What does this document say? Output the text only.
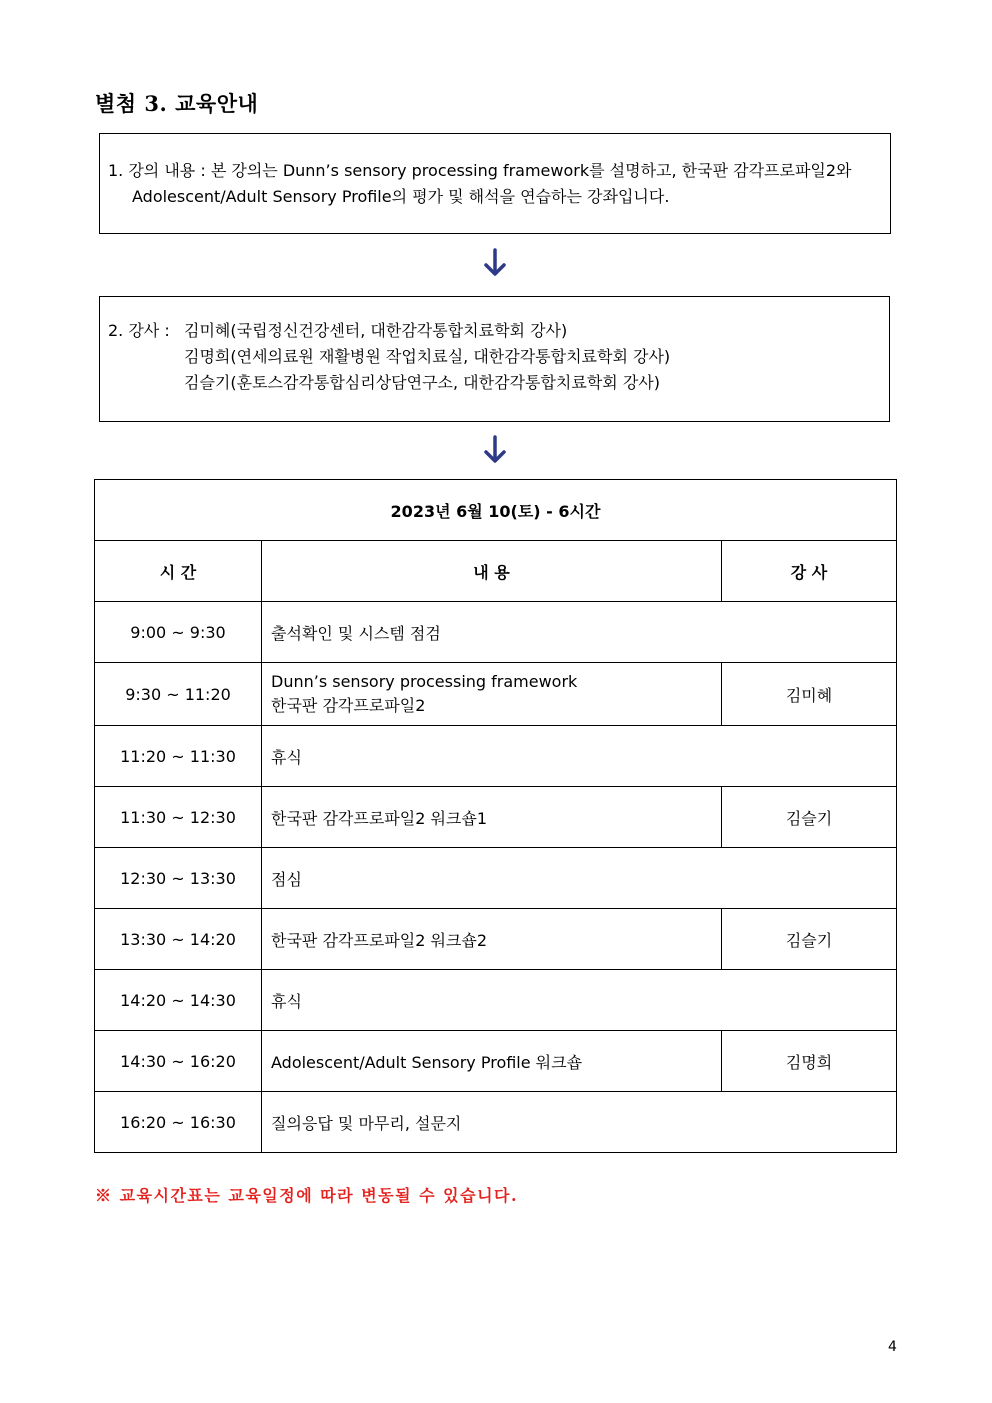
별첨 3. 교육안내
1. 강의 내용 : 본 강의는 Dunn’s sensory processing framework를 설명하고, 한국판 감각프로파일2와
Adolescent/Adult Sensory Profile의 평가 및 해석을 연습하는 강좌입니다.
2. 강사 : 김미혜(국립정신건강센터, 대한감각통합치료학회 강사)
김명희(연세의료원 재활병원 작업치료실, 대한감각통합치료학회 강사)
김슬기(훈토스감각통합심리상담연구소, 대한감각통합치료학회 강사)
2023년 6월 10(토) - 6시간		
시 간	내 용	강 사
9:00 ~ 9:30	출석확인 및 시스템 점검	
9:30 ~ 11:20	Dunn’s sensory processing framework
한국판 감각프로파일2	김미혜
11:20 ~ 11:30	휴식	
11:30 ~ 12:30	한국판 감각프로파일2 워크숍1	김슬기
12:30 ~ 13:30	점심	
13:30 ~ 14:20	한국판 감각프로파일2 워크숍2	김슬기
14:20 ~ 14:30	휴식	
14:30 ~ 16:20	Adolescent/Adult Sensory Profile 워크숍	김명희
16:20 ~ 16:30	질의응답 및 마무리, 설문지	
※ 교육시간표는 교육일정에 따라 변동될 수 있습니다.
4
